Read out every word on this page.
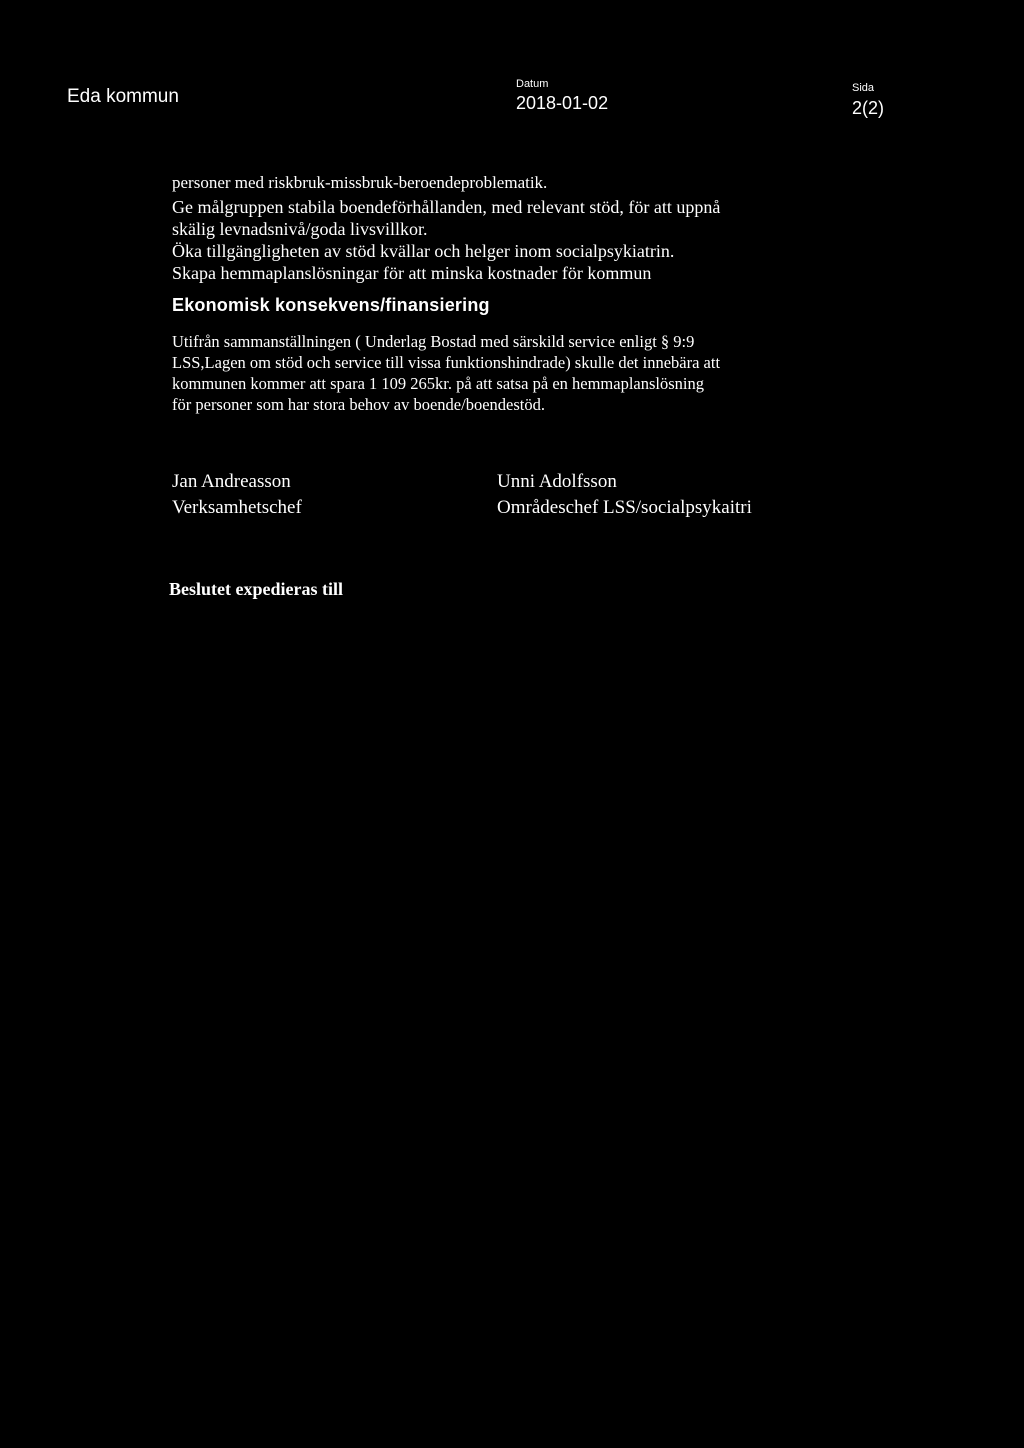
Eda kommun
Datum
2018-01-02
Sida
2(2)
personer med riskbruk-missbruk-beroendeproblematik.
Ge målgruppen stabila boendeförhållanden, med relevant stöd, för att uppnå
skälig levnadsnivå/goda livsvillkor.
Öka tillgängligheten av stöd kvällar och helger inom socialpsykiatrin.
Skapa hemmaplanslösningar för att minska kostnader för kommun
Ekonomisk konsekvens/finansiering
Utifrån sammanställningen ( Underlag Bostad med särskild service enligt § 9:9
LSS,Lagen om stöd och service till vissa funktionshindrade) skulle det innebära att
kommunen kommer att spara 1 109 265kr. på att satsa på en hemmaplanslösning
för personer som har stora behov av boende/boendestöd.
Jan Andreasson
Verksamhetschef
Unni Adolfsson
Områdeschef LSS/socialpsykaitri
Beslutet expedieras till
